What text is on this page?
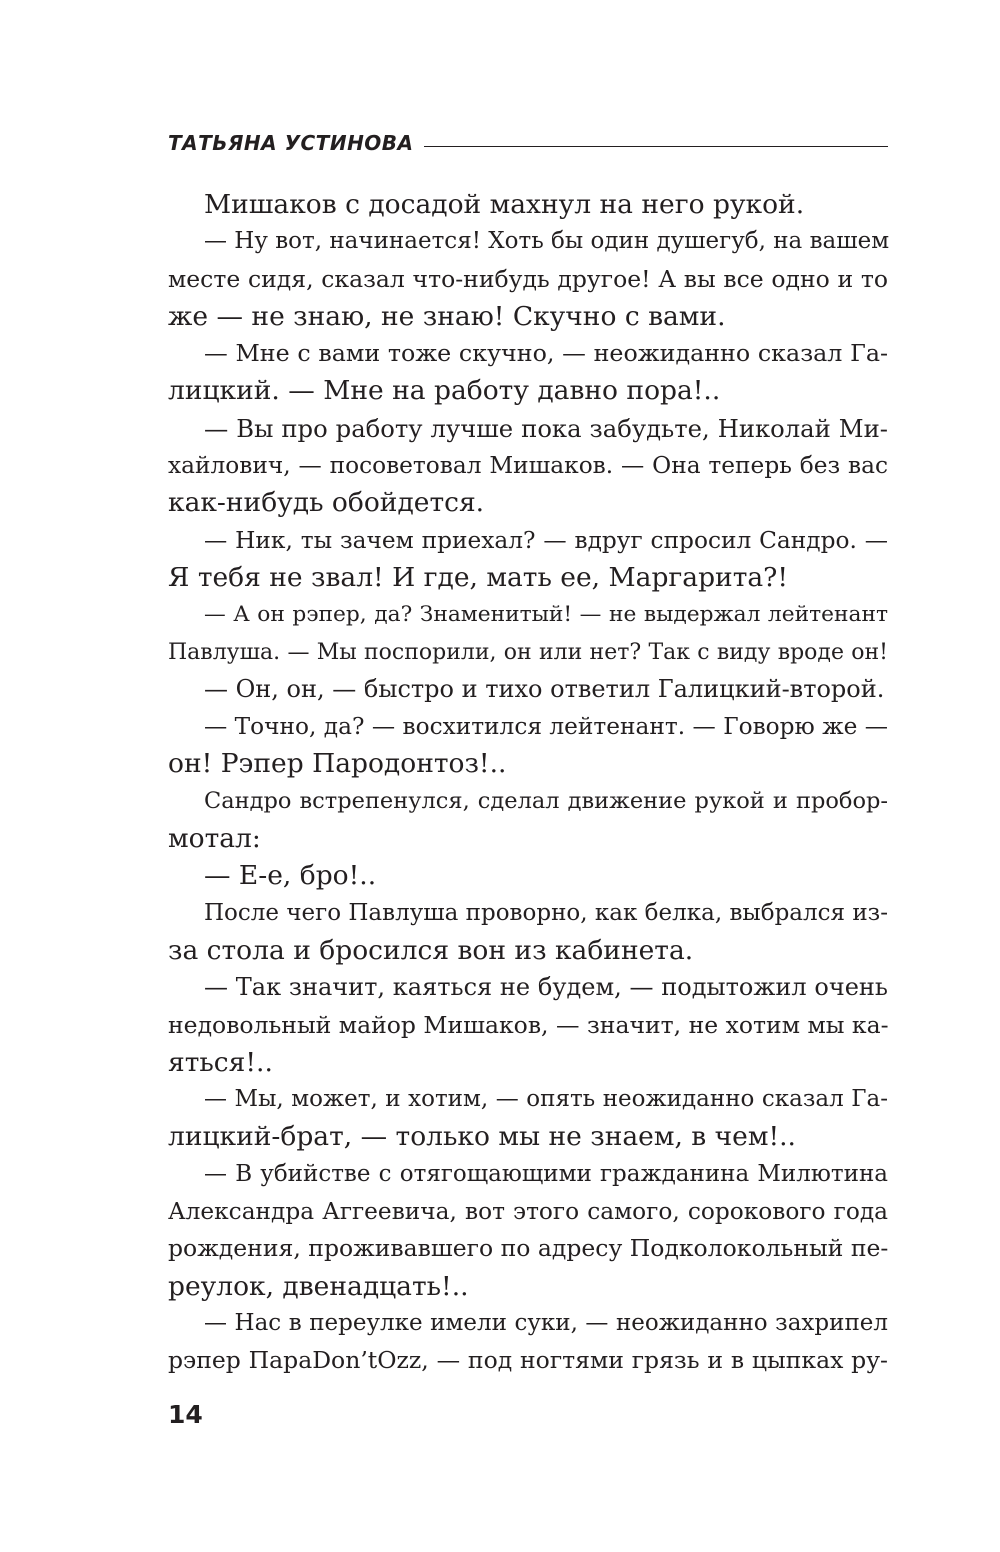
ТАТЬЯНА УСТИНОВА
Мишаков с досадой махнул на него рукой.
— Ну вот, начинается! Хоть бы один душегуб, на вашем
месте сидя, сказал что-нибудь другое! А вы все одно и то
же — не знаю, не знаю! Скучно с вами.
— Мне с вами тоже скучно, — неожиданно сказал Га-
лицкий. — Мне на работу давно пора!..
— Вы про работу лучше пока забудьте, Николай Ми-
хайлович, — посоветовал Мишаков. — Она теперь без вас
как-нибудь обойдется.
— Ник, ты зачем приехал? — вдруг спросил Сандро. —
Я тебя не звал! И где, мать ее, Маргарита?!
— А он рэпер, да? Знаменитый! — не выдержал лейтенант
Павлуша. — Мы поспорили, он или нет? Так с виду вроде он!
— Он, он, — быстро и тихо ответил Галицкий-второй.
— Точно, да? — восхитился лейтенант. — Говорю же —
он! Рэпер Пародонтоз!..
Сандро встрепенулся, сделал движение рукой и пробор-
мотал:
— Е-е, бро!..
После чего Павлуша проворно, как белка, выбрался из-
за стола и бросился вон из кабинета.
— Так значит, каяться не будем, — подытожил очень
недовольный майор Мишаков, — значит, не хотим мы ка-
яться!..
— Мы, может, и хотим, — опять неожиданно сказал Га-
лицкий-брат, — только мы не знаем, в чем!..
— В убийстве с отягощающими гражданина Милютина
Александра Аггеевича, вот этого самого, сорокового года
рождения, проживавшего по адресу Подколокольный пе-
реулок, двенадцать!..
— Нас в переулке имели суки, — неожиданно захрипел
рэпер ПараDon’tOzz, — под ногтями грязь и в цыпках ру-
14
